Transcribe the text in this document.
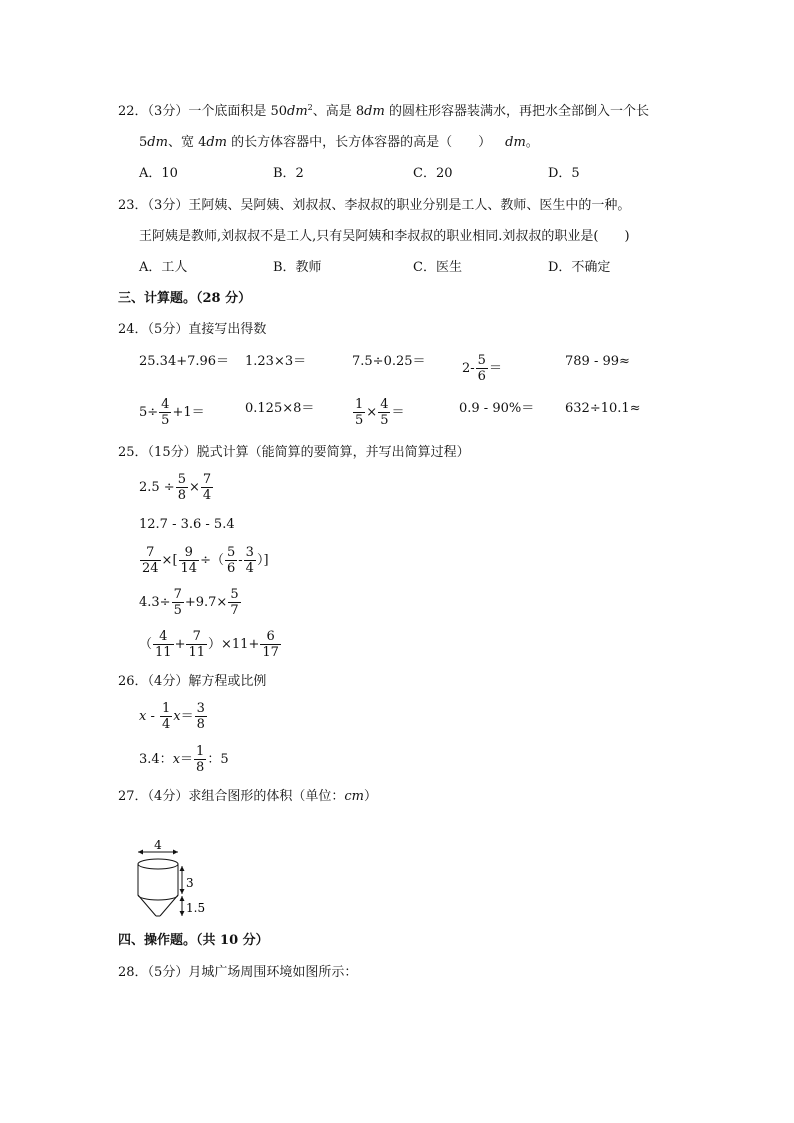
22．（3分）一个底面积是 $50dm^2$、高是 8dm 的圆柱形容器装满水，再把水全部倒入一个长
5dm、宽 4dm 的长方体容器中，长方体容器的高是（　　） dm。
A．10	B．2	C．20	D．5
23．（3分）王阿姨、吴阿姨、刘叔叔、李叔叔的职业分别是工人、教师、医生中的一种。
王阿姨是教师,刘叔叔不是工人,只有吴阿姨和李叔叔的职业相同.刘叔叔的职业是(　　)
A．工人	B．教师	C．医生	D．不确定
三、计算题。（28 分）
24．（5分）直接写出得数
25.34+7.96＝ 1.23×3＝	7.5÷0.25＝	$2- \frac{5}{6}$ ＝	789 - 99≈
$5\div \frac{4}{5} +1=$	0.125×8＝	$\frac{1}{5} \times \frac{4}{5}$ ＝	0.9 - 90%＝ 632÷10.1≈
25．（15分）脱式计算（能简算的要简算，并写出简算过程）
$2.5 \div \frac{5}{8} \times \frac{7}{4}$
12.7 - 3.6 - 5.4
$\frac{7}{24}$ ×[ $\frac{9}{14}$ ÷（ $\frac{5}{6} - \frac{3}{4}$ ）]
$4.3\div \frac{7}{5} +9.7\times \frac{5}{7}$
（ $\frac{4}{11} + \frac{7}{11} )\times 11+ \frac{6}{17}$
26．（4分）解方程或比例
x - $\frac{1}{4}$ $x = \frac{3}{8}$
3.4： $x = \frac{1}{8}$ ：5
27．（4分）求组合图形的体积（单位：cm）
4
3
1.5
四、操作题。（共 10 分）
28．（5分）月城广场周围环境如图所示：
